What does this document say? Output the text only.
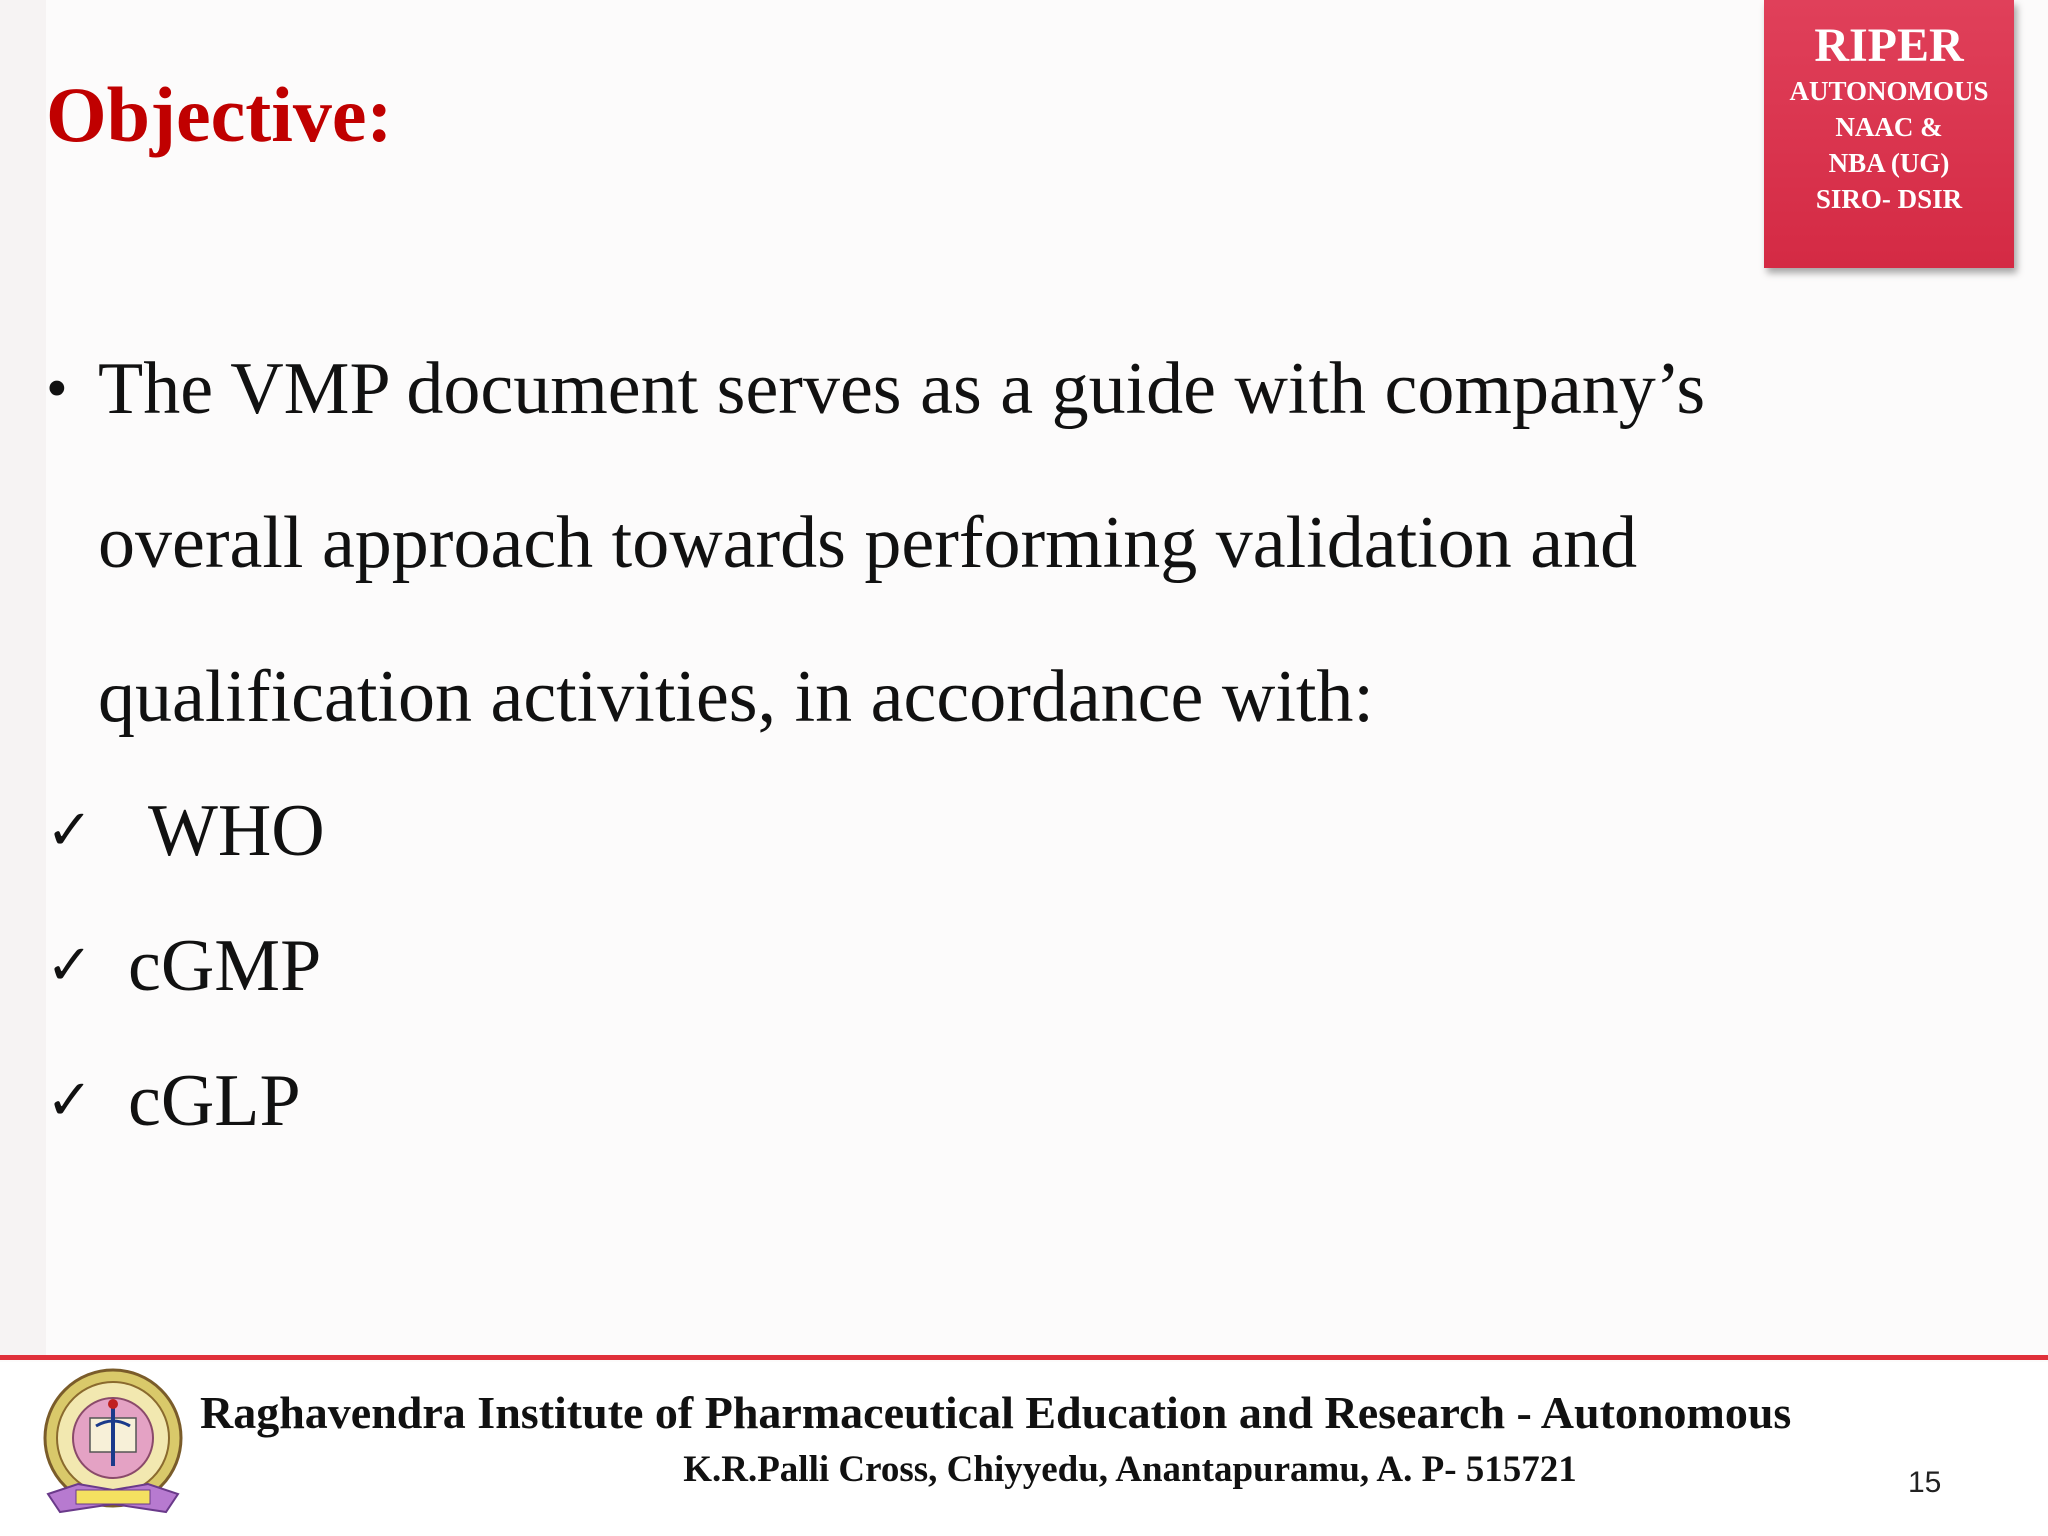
Objective:
RIPER
AUTONOMOUS
NAAC &
NBA (UG)
SIRO- DSIR
• The VMP document serves as a guide with company’s
overall approach towards performing validation and
qualification activities, in accordance with:
✓ WHO
✓ cGMP
✓ cGLP
Raghavendra Institute of Pharmaceutical Education and Research - Autonomous
K.R.Palli Cross, Chiyyedu, Anantapuramu, A. P- 515721	15
